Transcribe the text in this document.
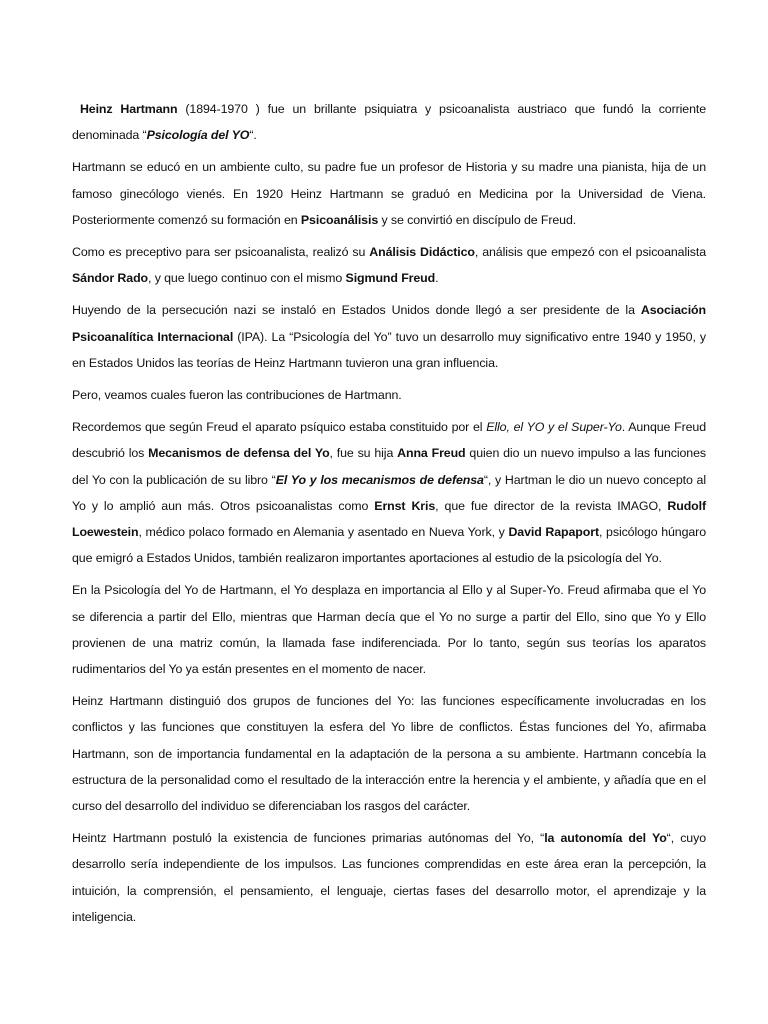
Heinz Hartmann (1894-1970 ) fue un brillante psiquiatra y psicoanalista austriaco que fundó la corriente denominada “Psicología del YO“.

Hartmann se educó en un ambiente culto, su padre fue un profesor de Historia y su madre una pianista, hija de un famoso ginecólogo vienés. En 1920 Heinz Hartmann se graduó en Medicina por la Universidad de Viena. Posteriormente comenzó su formación en Psicoanálisis y se convirtió en discípulo de Freud.

Como es preceptivo para ser psicoanalista, realizó su Análisis Didáctico, análisis que empezó con el psicoanalista Sándor Rado, y que luego continuo con el mismo Sigmund Freud.

Huyendo de la persecución nazi se instaló en Estados Unidos donde llegó a ser presidente de la Asociación Psicoanalítica Internacional (IPA). La “Psicología del Yo” tuvo un desarrollo muy significativo entre 1940 y 1950, y en Estados Unidos las teorías de Heinz Hartmann tuvieron una gran influencia.

Pero, veamos cuales fueron las contribuciones de Hartmann.

Recordemos que según Freud el aparato psíquico estaba constituido por el Ello, el YO y el Super-Yo. Aunque Freud descubrió los Mecanismos de defensa del Yo, fue su hija Anna Freud quien dio un nuevo impulso a las funciones del Yo con la publicación de su libro “El Yo y los mecanismos de defensa“, y Hartman le dio un nuevo concepto al Yo y lo amplió aun más. Otros psicoanalistas como Ernst Kris, que fue director de la revista IMAGO, Rudolf Loewestein, médico polaco formado en Alemania y asentado en Nueva York, y David Rapaport, psicólogo húngaro que emigró a Estados Unidos, también realizaron importantes aportaciones al estudio de la psicología del Yo.

En la Psicología del Yo de Hartmann, el Yo desplaza en importancia al Ello y al Super-Yo. Freud afirmaba que el Yo se diferencia a partir del Ello, mientras que Harman decía que el Yo no surge a partir del Ello, sino que Yo y Ello provienen de una matriz común, la llamada fase indiferenciada. Por lo tanto, según sus teorías los aparatos rudimentarios del Yo ya están presentes en el momento de nacer.

Heinz Hartmann distinguió dos grupos de funciones del Yo: las funciones específicamente involucradas en los conflictos y las funciones que constituyen la esfera del Yo libre de conflictos. Éstas funciones del Yo, afirmaba Hartmann, son de importancia fundamental en la adaptación de la persona a su ambiente. Hartmann concebía la estructura de la personalidad como el resultado de la interacción entre la herencia y el ambiente, y añadía que en el curso del desarrollo del individuo se diferenciaban los rasgos del carácter.

Heintz Hartmann postuló la existencia de funciones primarias autónomas del Yo, “la autonomía del Yo“, cuyo desarrollo sería independiente de los impulsos. Las funciones comprendidas en este área eran la percepción, la intuición, la comprensión, el pensamiento, el lenguaje, ciertas fases del desarrollo motor, el aprendizaje y la inteligencia.
